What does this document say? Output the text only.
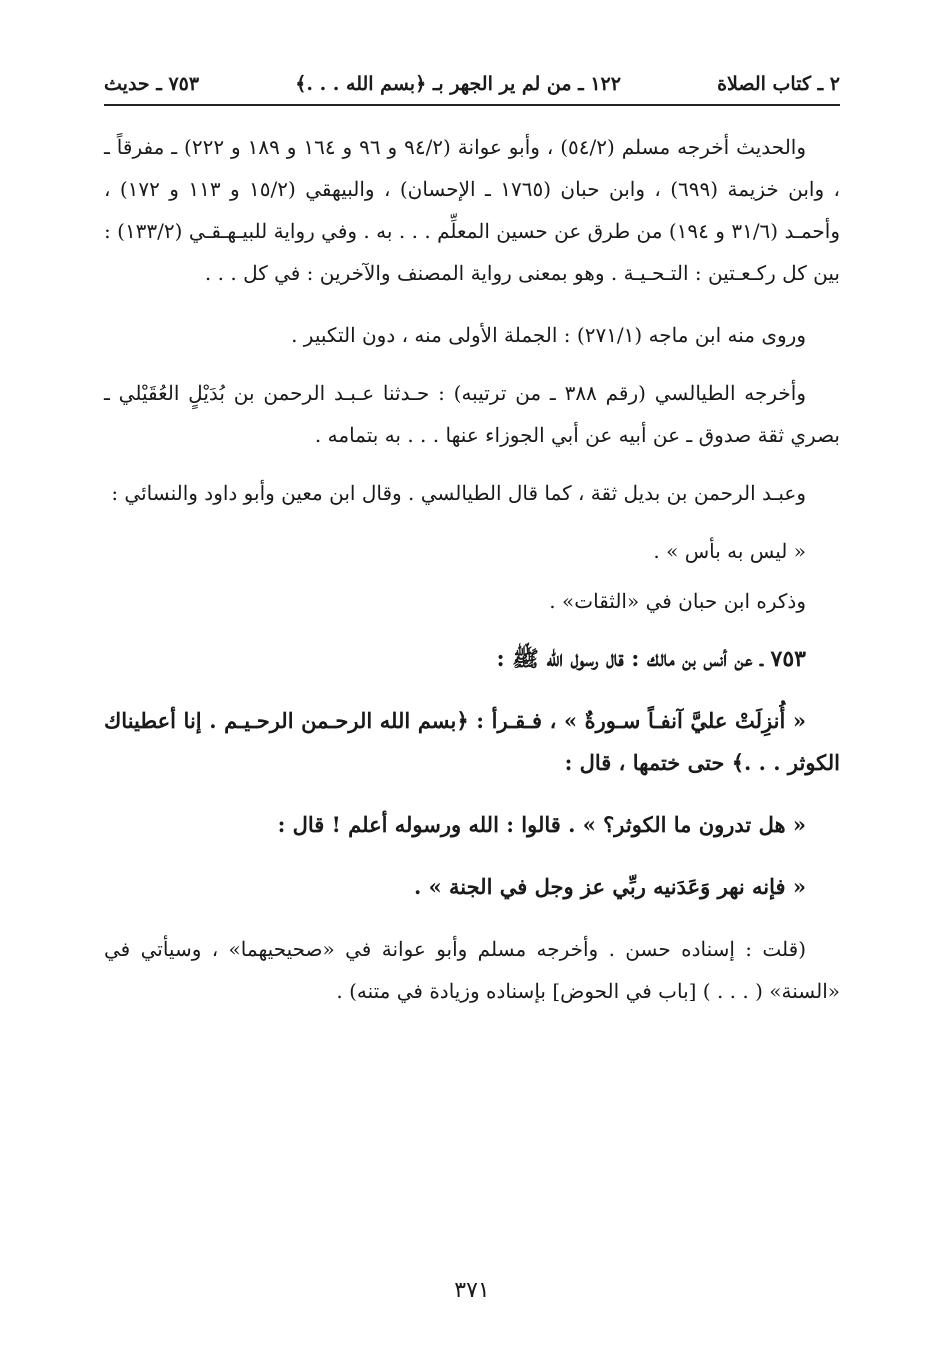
٢ ـ كتاب الصلاة
١٢٢ ـ من لم ير الجهر بـ ﴿بسم الله . . .﴾
٧٥٣ ـ حديث

والحديث أخرجه مسلم (٥٤/٢) ، وأبو عوانة (٩٤/٢ و ٩٦ و ١٦٤ و ١٨٩ و ٢٢٢) ـ مفرقاً ـ ، وابن خزيمة (٦٩٩) ، وابن حبان (١٧٦٥ ـ الإحسان) ، والبيهقي (١٥/٢ و ١١٣ و ١٧٢) ، وأحمـد (٣١/٦ و ١٩٤) من طرق عن حسين المعلِّم . . . به . وفي رواية للبيـهـقـي (١٣٣/٢) : بين كل ركـعـتين : التـحـيـة . وهو بمعنى رواية المصنف والآخرين : في كل . . .

وروى منه ابن ماجه (٢٧١/١) : الجملة الأولى منه ، دون التكبير .

وأخرجه الطيالسي (رقم ٣٨٨ ـ من ترتيبه) : حـدثنا عـبـد الرحمن بن بُدَيْلٍ العُقَيْلي ـ بصري ثقة صدوق ـ عن أبيه عن أبي الجوزاء عنها . . . به بتمامه .

وعبـد الرحمن بن بديل ثقة ، كما قال الطيالسي . وقال ابن معين وأبو داود والنسائي :

« ليس به بأس » .

وذكره ابن حبان في «الثقات» .

٧٥٣ ـ عن أنس بن مالك : قال رسول الله ﷺ :

« أُنزِلَتْ عليَّ آنفـاً سـورةٌ » ، فـقـرأ : ﴿بسم الله الرحـمن الرحـيـم . إنا أعطيناك الكوثر . . .﴾ حتى ختمها ، قال :

« هل تدرون ما الكوثر؟ » . قالوا : الله ورسوله أعلم ! قال :

« فإنه نهر وَعَدَنيه ربِّي عز وجل في الجنة » .

(قلت : إسناده حسن . وأخرجه مسلم وأبو عوانة في «صحيحيهما» ، وسيأتي في «السنة» ( . . . ) [باب في الحوض] بإسناده وزيادة في متنه) .

٣٧١
